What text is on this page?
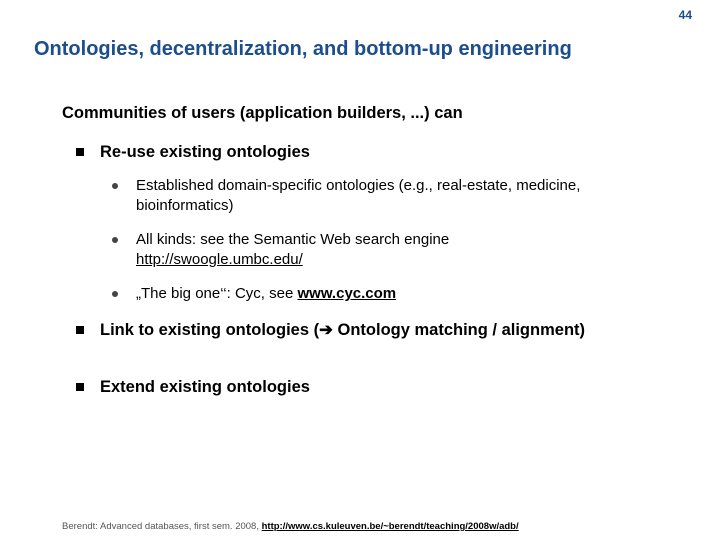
44
Ontologies, decentralization, and bottom-up engineering
Communities of users (application builders, ...) can
Re-use existing ontologies
Established domain-specific ontologies (e.g., real-estate, medicine, bioinformatics)
All kinds: see the Semantic Web search engine
http://swoogle.umbc.edu/
„The big one‘‘: Cyc, see www.cyc.com
Link to existing ontologies (➔ Ontology matching / alignment)
Extend existing ontologies
Berendt: Advanced databases, first sem. 2008, http://www.cs.kuleuven.be/~berendt/teaching/2008w/adb/
